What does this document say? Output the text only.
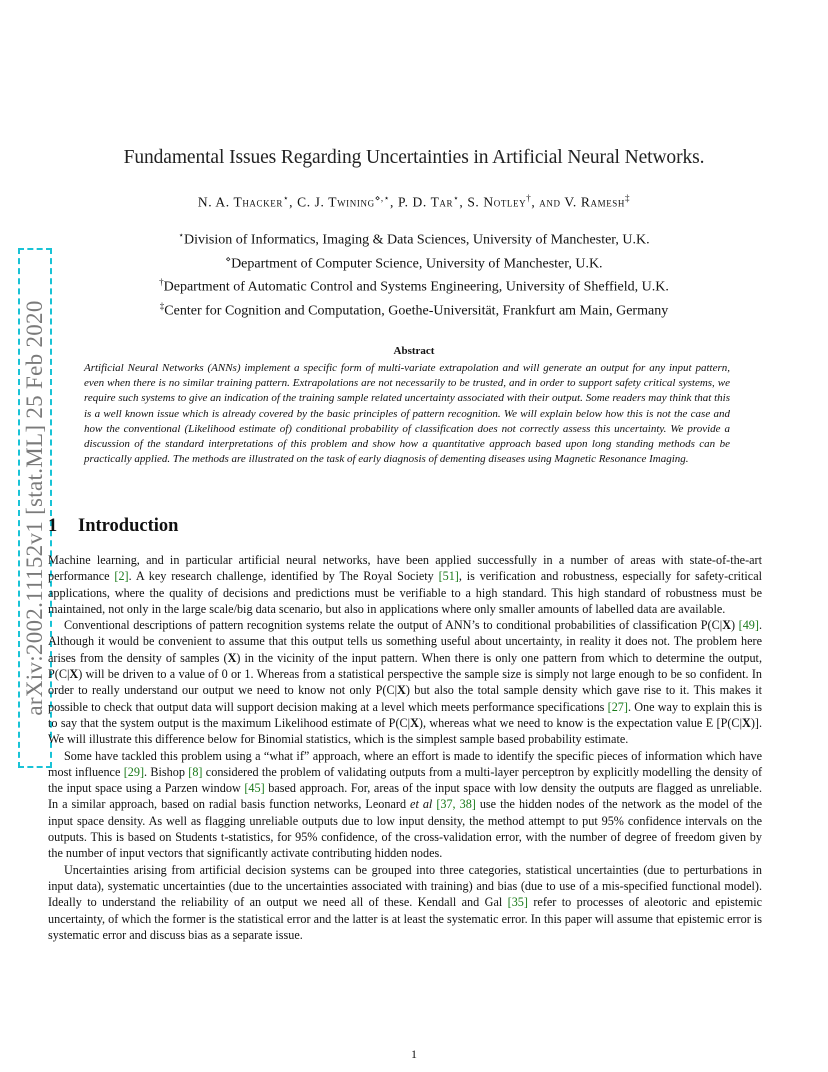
arXiv:2002.11152v1 [stat.ML] 25 Feb 2020
Fundamental Issues Regarding Uncertainties in Artificial Neural Networks.
N. A. Thacker⋆, C. J. Twining⋄,⋆, P. D. Tar⋆, S. Notley†, and V. Ramesh‡
⋆Division of Informatics, Imaging & Data Sciences, University of Manchester, U.K.
⋄Department of Computer Science, University of Manchester, U.K.
†Department of Automatic Control and Systems Engineering, University of Sheffield, U.K.
‡Center for Cognition and Computation, Goethe-Universität, Frankfurt am Main, Germany
Abstract
Artificial Neural Networks (ANNs) implement a specific form of multi-variate extrapolation and will generate an output for any input pattern, even when there is no similar training pattern. Extrapolations are not necessarily to be trusted, and in order to support safety critical systems, we require such systems to give an indication of the training sample related uncertainty associated with their output. Some readers may think that this is a well known issue which is already covered by the basic principles of pattern recognition. We will explain below how this is not the case and how the conventional (Likelihood estimate of) conditional probability of classification does not correctly assess this uncertainty. We provide a discussion of the standard interpretations of this problem and show how a quantitative approach based upon long standing methods can be practically applied. The methods are illustrated on the task of early diagnosis of dementing diseases using Magnetic Resonance Imaging.
1 Introduction

Machine learning, and in particular artificial neural networks, have been applied successfully in a number of areas with state-of-the-art performance [2]. A key research challenge, identified by The Royal Society [51], is verification and robustness, especially for safety-critical applications, where the quality of decisions and predictions must be verifiable to a high standard. This high standard of robustness must be maintained, not only in the large scale/big data scenario, but also in applications where only smaller amounts of labelled data are available.

Conventional descriptions of pattern recognition systems relate the output of ANN’s to conditional probabilities of classification P(C|X) [49]. Although it would be convenient to assume that this output tells us something useful about uncertainty, in reality it does not. The problem here arises from the density of samples (X) in the vicinity of the input pattern. When there is only one pattern from which to determine the output, P(C|X) will be driven to a value of 0 or 1. Whereas from a statistical perspective the sample size is simply not large enough to be so confident. In order to really understand our output we need to know not only P(C|X) but also the total sample density which gave rise to it. This makes it possible to check that output data will support decision making at a level which meets performance specifications [27]. One way to explain this is to say that the system output is the maximum Likelihood estimate of P(C|X), whereas what we need to know is the expectation value E [P(C|X)]. We will illustrate this difference below for Binomial statistics, which is the simplest sample based probability estimate.

Some have tackled this problem using a “what if” approach, where an effort is made to identify the specific pieces of information which have most influence [29]. Bishop [8] considered the problem of validating outputs from a multi-layer perceptron by explicitly modelling the density of the input space using a Parzen window [45] based approach. For, areas of the input space with low density the outputs are flagged as unreliable. In a similar approach, based on radial basis function networks, Leonard et al [37, 38] use the hidden nodes of the network as the model of the input space density. As well as flagging unreliable outputs due to low input density, the method attempt to put 95% confidence intervals on the outputs. This is based on Students t-statistics, for 95% confidence, of the cross-validation error, with the number of degree of freedom given by the number of input vectors that significantly activate contributing hidden nodes.

Uncertainties arising from artificial decision systems can be grouped into three categories, statistical uncertainties (due to perturbations in input data), systematic uncertainties (due to the uncertainties associated with training) and bias (due to use of a mis-specified functional model). Ideally to understand the reliability of an output we need all of these. Kendall and Gal [35] refer to processes of aleotoric and epistemic uncertainty, of which the former is the statistical error and the latter is at least the systematic error. In this paper will assume that epistemic error is systematic error and discuss bias as a separate issue.

1
